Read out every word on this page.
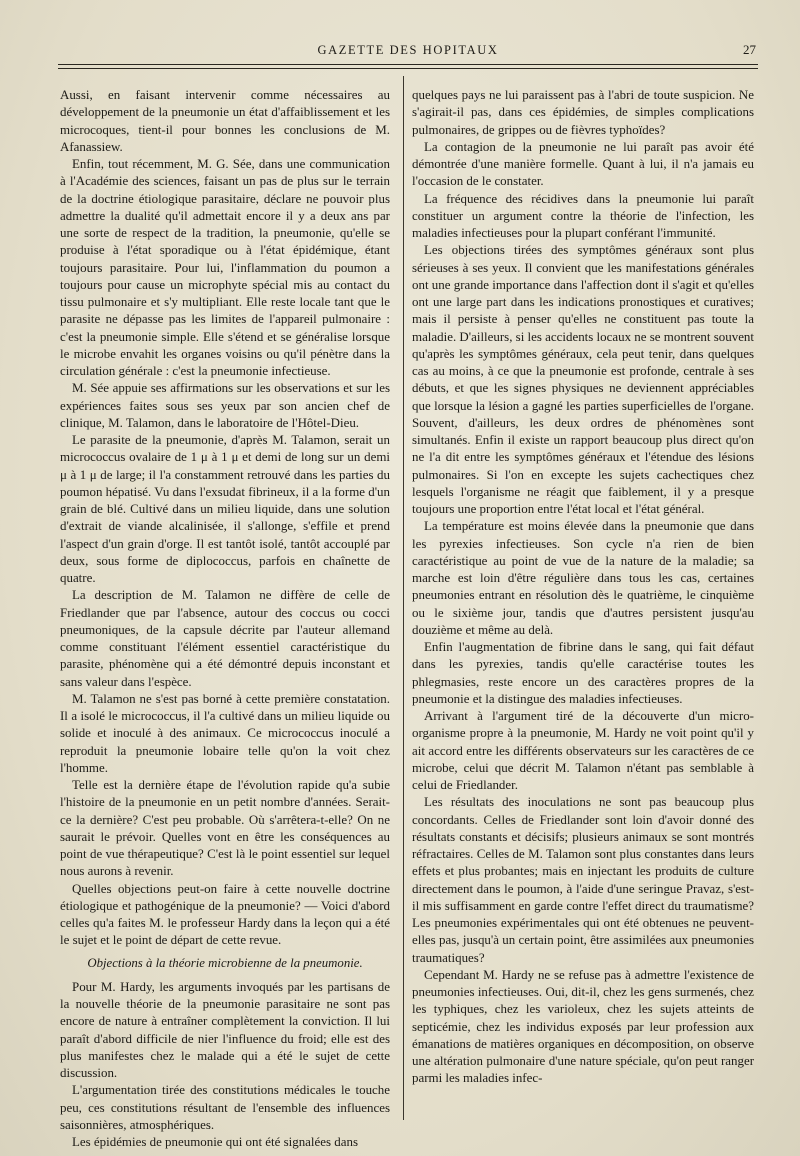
GAZETTE DES HOPITAUX	27

Aussi, en faisant intervenir comme nécessaires au développement de la pneumonie un état d'affaiblissement et les microcoques, tient-il pour bonnes les conclusions de M. Afanassiew.

Enfin, tout récemment, M. G. Sée, dans une communication à l'Académie des sciences, faisant un pas de plus sur le terrain de la doctrine étiologique parasitaire, déclare ne pouvoir plus admettre la dualité qu'il admettait encore il y a deux ans par une sorte de respect de la tradition, la pneumonie, qu'elle se produise à l'état sporadique ou à l'état épidémique, étant toujours parasitaire. Pour lui, l'inflammation du poumon a toujours pour cause un microphyte spécial mis au contact du tissu pulmonaire et s'y multipliant. Elle reste locale tant que le parasite ne dépasse pas les limites de l'appareil pulmonaire : c'est la pneumonie simple. Elle s'étend et se généralise lorsque le microbe envahit les organes voisins ou qu'il pénètre dans la circulation générale : c'est la pneumonie infectieuse.

M. Sée appuie ses affirmations sur les observations et sur les expériences faites sous ses yeux par son ancien chef de clinique, M. Talamon, dans le laboratoire de l'Hôtel-Dieu.

Le parasite de la pneumonie, d'après M. Talamon, serait un micrococcus ovalaire de 1 μ à 1 μ et demi de long sur un demi μ à 1 μ de large; il l'a constamment retrouvé dans les parties du poumon hépatisé. Vu dans l'exsudat fibrineux, il a la forme d'un grain de blé. Cultivé dans un milieu liquide, dans une solution d'extrait de viande alcalinisée, il s'allonge, s'effile et prend l'aspect d'un grain d'orge. Il est tantôt isolé, tantôt accouplé par deux, sous forme de diplococcus, parfois en chaînette de quatre.

La description de M. Talamon ne diffère de celle de Friedlander que par l'absence, autour des coccus ou cocci pneumoniques, de la capsule décrite par l'auteur allemand comme constituant l'élément essentiel caractéristique du parasite, phénomène qui a été démontré depuis inconstant et sans valeur dans l'espèce.

M. Talamon ne s'est pas borné à cette première constatation. Il a isolé le micrococcus, il l'a cultivé dans un milieu liquide ou solide et inoculé à des animaux. Ce micrococcus inoculé a reproduit la pneumonie lobaire telle qu'on la voit chez l'homme.

Telle est la dernière étape de l'évolution rapide qu'a subie l'histoire de la pneumonie en un petit nombre d'années. Serait-ce la dernière? C'est peu probable. Où s'arrêtera-t-elle? On ne saurait le prévoir. Quelles vont en être les conséquences au point de vue thérapeutique? C'est là le point essentiel sur lequel nous aurons à revenir.

Quelles objections peut-on faire à cette nouvelle doctrine étiologique et pathogénique de la pneumonie? — Voici d'abord celles qu'a faites M. le professeur Hardy dans la leçon qui a été le sujet et le point de départ de cette revue.

Objections à la théorie microbienne de la pneumonie.

Pour M. Hardy, les arguments invoqués par les partisans de la nouvelle théorie de la pneumonie parasitaire ne sont pas encore de nature à entraîner complètement la conviction. Il lui paraît d'abord difficile de nier l'influence du froid; elle est des plus manifestes chez le malade qui a été le sujet de cette discussion.

L'argumentation tirée des constitutions médicales le touche peu, ces constitutions résultant de l'ensemble des influences saisonnières, atmosphériques.

Les épidémies de pneumonie qui ont été signalées dans

quelques pays ne lui paraissent pas à l'abri de toute suspicion. Ne s'agirait-il pas, dans ces épidémies, de simples complications pulmonaires, de grippes ou de fièvres typhoïdes?

La contagion de la pneumonie ne lui paraît pas avoir été démontrée d'une manière formelle. Quant à lui, il n'a jamais eu l'occasion de le constater.

La fréquence des récidives dans la pneumonie lui paraît constituer un argument contre la théorie de l'infection, les maladies infectieuses pour la plupart conférant l'immunité.

Les objections tirées des symptômes généraux sont plus sérieuses à ses yeux. Il convient que les manifestations générales ont une grande importance dans l'affection dont il s'agit et qu'elles ont une large part dans les indications pronostiques et curatives; mais il persiste à penser qu'elles ne constituent pas toute la maladie. D'ailleurs, si les accidents locaux ne se montrent souvent qu'après les symptômes généraux, cela peut tenir, dans quelques cas au moins, à ce que la pneumonie est profonde, centrale à ses débuts, et que les signes physiques ne deviennent appréciables que lorsque la lésion a gagné les parties superficielles de l'organe. Souvent, d'ailleurs, les deux ordres de phénomènes sont simultanés. Enfin il existe un rapport beaucoup plus direct qu'on ne l'a dit entre les symptômes généraux et l'étendue des lésions pulmonaires. Si l'on en excepte les sujets cachectiques chez lesquels l'organisme ne réagit que faiblement, il y a presque toujours une proportion entre l'état local et l'état général.

La température est moins élevée dans la pneumonie que dans les pyrexies infectieuses. Son cycle n'a rien de bien caractéristique au point de vue de la nature de la maladie; sa marche est loin d'être régulière dans tous les cas, certaines pneumonies entrant en résolution dès le quatrième, le cinquième ou le sixième jour, tandis que d'autres persistent jusqu'au douzième et même au delà.

Enfin l'augmentation de fibrine dans le sang, qui fait défaut dans les pyrexies, tandis qu'elle caractérise toutes les phlegmasies, reste encore un des caractères propres de la pneumonie et la distingue des maladies infectieuses.

Arrivant à l'argument tiré de la découverte d'un micro-organisme propre à la pneumonie, M. Hardy ne voit point qu'il y ait accord entre les différents observateurs sur les caractères de ce microbe, celui que décrit M. Talamon n'étant pas semblable à celui de Friedlander.

Les résultats des inoculations ne sont pas beaucoup plus concordants. Celles de Friedlander sont loin d'avoir donné des résultats constants et décisifs; plusieurs animaux se sont montrés réfractaires. Celles de M. Talamon sont plus constantes dans leurs effets et plus probantes; mais en injectant les produits de culture directement dans le poumon, à l'aide d'une seringue Pravaz, s'est-il mis suffisamment en garde contre l'effet direct du traumatisme? Les pneumonies expérimentales qui ont été obtenues ne peuvent-elles pas, jusqu'à un certain point, être assimilées aux pneumonies traumatiques?

Cependant M. Hardy ne se refuse pas à admettre l'existence de pneumonies infectieuses. Oui, dit-il, chez les gens surmenés, chez les typhiques, chez les varioleux, chez les sujets atteints de septicémie, chez les individus exposés par leur profession aux émanations de matières organiques en décomposition, on observe une altération pulmonaire d'une nature spéciale, qu'on peut ranger parmi les maladies infec-
